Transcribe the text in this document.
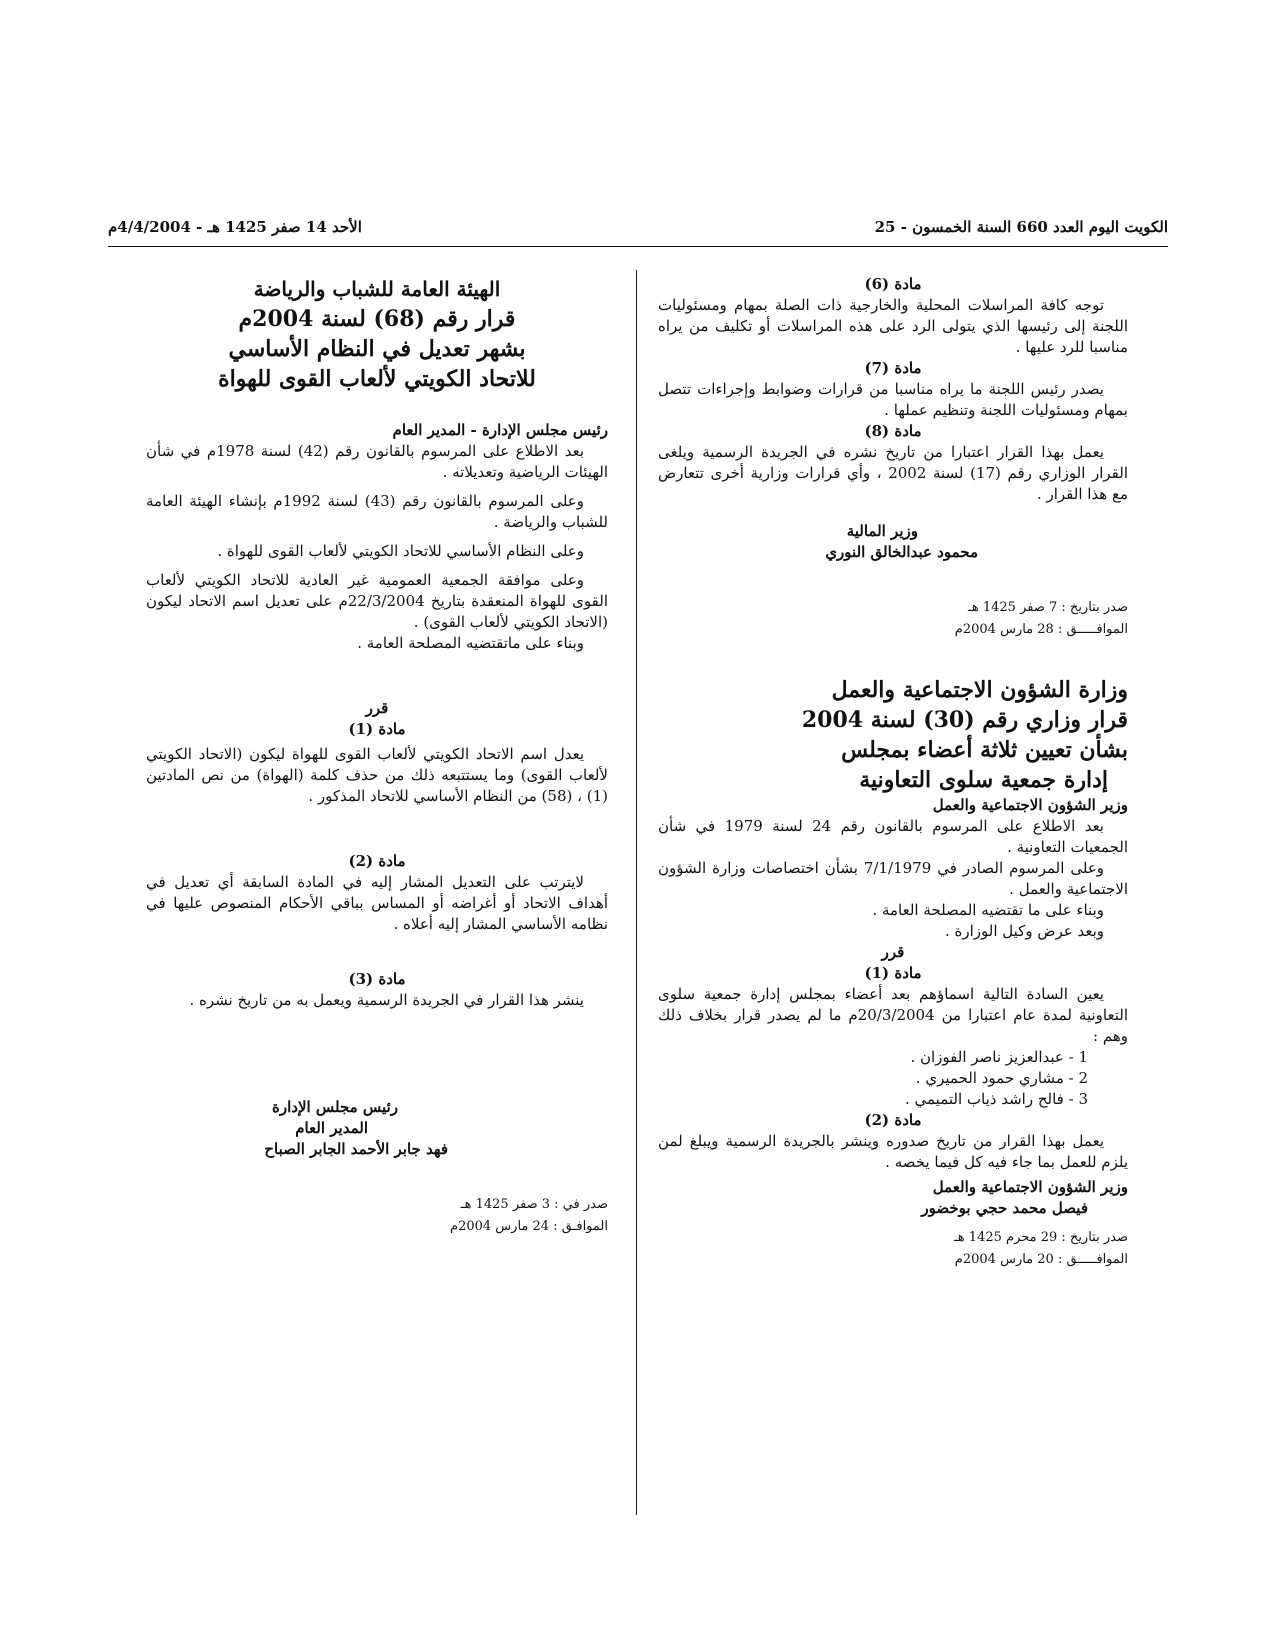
الكويت اليوم العدد 660 السنة الخمسون - 25
الأحد 14 صفر 1425 هـ - 4/4/2004م

مادة (6)

توجه كافة المراسلات المحلية والخارجية ذات الصلة بمهام ومسئوليات اللجنة إلى رئيسها الذي يتولى الرد على هذه المراسلات أو تكليف من يراه مناسبا للرد عليها .

مادة (7)

يصدر رئيس اللجنة ما يراه مناسبا من قرارات وضوابط وإجراءات تتصل بمهام ومسئوليات اللجنة وتنظيم عملها .

مادة (8)

يعمل بهذا القرار اعتبارا من تاريخ نشره في الجريدة الرسمية ويلغى القرار الوزاري رقم (17) لسنة 2002 ، وأي قرارات وزارية أخرى تتعارض مع هذا القرار .

وزير المالية

محمود عبدالخالق النوري

صدر بتاريخ : 7 صفر 1425 هـ

الموافـــــق : 28 مارس 2004م

وزارة الشؤون الاجتماعية والعمل

قرار وزاري رقم (30) لسنة 2004

بشأن تعيين ثلاثة أعضاء بمجلس

إدارة جمعية سلوى التعاونية

وزير الشؤون الاجتماعية والعمل

بعد الاطلاع على المرسوم بالقانون رقم 24 لسنة 1979 في شأن الجمعيات التعاونية .

وعلى المرسوم الصادر في 7/1/1979 بشأن اختصاصات وزارة الشؤون الاجتماعية والعمل .

وبناء على ما تقتضيه المصلحة العامة .

وبعد عرض وكيل الوزارة .

قرر

مادة (1)

يعين السادة التالية اسماؤهم بعد أعضاء بمجلس إدارة جمعية سلوى التعاونية لمدة عام اعتبارا من 20/3/2004م ما لم يصدر قرار بخلاف ذلك وهم :

1 - عبدالعزيز ناصر الفوزان .
2 - مشاري حمود الحميري .
3 - فالح راشد ذياب التميمي .

مادة (2)

يعمل بهذا القرار من تاريخ صدوره وينشر بالجريدة الرسمية ويبلغ لمن يلزم للعمل بما جاء فيه كل فيما يخصه .

وزير الشؤون الاجتماعية والعمل

فيصل محمد حجي بوخضور

صدر بتاريخ : 29 محرم 1425 هـ

الموافـــــق : 20 مارس 2004م

الهيئة العامة للشباب والرياضة

قرار رقم (68) لسنة 2004م

بشهر تعديل في النظام الأساسي

للاتحاد الكويتي لألعاب القوى للهواة

رئيس مجلس الإدارة - المدير العام

بعد الاطلاع على المرسوم بالقانون رقم (42) لسنة 1978م في شأن الهيئات الرياضية وتعديلاته .

وعلى المرسوم بالقانون رقم (43) لسنة 1992م بإنشاء الهيئة العامة للشباب والرياضة .

وعلى النظام الأساسي للاتحاد الكويتي لألعاب القوى للهواة .

وعلى موافقة الجمعية العمومية غير العادية للاتحاد الكويتي لألعاب القوى للهواة المنعقدة بتاريخ 22/3/2004م على تعديل اسم الاتحاد ليكون (الاتحاد الكويتي لألعاب القوى) .

وبناء على ماتقتضيه المصلحة العامة .

قرر

مادة (1)

يعدل اسم الاتحاد الكويتي لألعاب القوى للهواة ليكون (الاتحاد الكويتي لألعاب القوى) وما يستتبعه ذلك من حذف كلمة (الهواة) من نص المادتين (1) ، (58) من النظام الأساسي للاتحاد المذكور .

مادة (2)

لايترتب على التعديل المشار إليه في المادة السابقة أي تعديل في أهداف الاتحاد أو أغراضه أو المساس بباقي الأحكام المنصوص عليها في نظامه الأساسي المشار إليه أعلاه .

مادة (3)

ينشر هذا القرار في الجريدة الرسمية ويعمل به من تاريخ نشره .

رئيس مجلس الإدارة

المدير العام

فهد جابر الأحمد الجابر الصباح

صدر في : 3 صفر 1425 هـ

الموافـق : 24 مارس 2004م
